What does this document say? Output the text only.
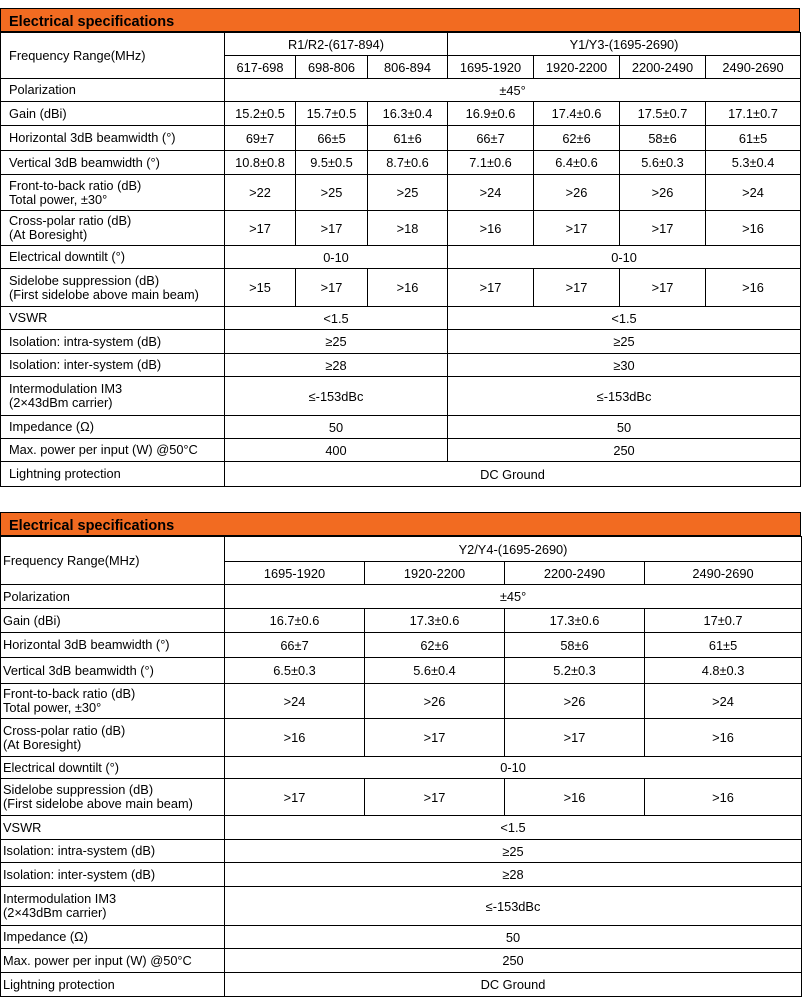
Electrical specifications
Frequency Range(MHz)	R1/R2-(617-894)			Y1/Y3-(1695-2690)			
	617-698	698-806	806-894	1695-1920	1920-2200	2200-2490	2490-2690
Polarization	±45°						
Gain (dBi)	15.2±0.5	15.7±0.5	16.3±0.4	16.9±0.6	17.4±0.6	17.5±0.7	17.1±0.7
Horizontal 3dB beamwidth (°)	69±7	66±5	61±6	66±7	62±6	58±6	61±5
Vertical 3dB beamwidth (°)	10.8±0.8	9.5±0.5	8.7±0.6	7.1±0.6	6.4±0.6	5.6±0.3	5.3±0.4
Front-to-back ratio (dB)
Total power, ±30°	>22	>25	>25	>24	>26	>26	>24
Cross-polar ratio (dB)
(At Boresight)	>17	>17	>18	>16	>17	>17	>16
Electrical downtilt (°)	0-10			0-10			
Sidelobe suppression (dB)
(First sidelobe above main beam)	>15	>17	>16	>17	>17	>17	>16
VSWR	<1.5			<1.5			
Isolation: intra-system (dB)	≥25			≥25			
Isolation: inter-system (dB)	≥28			≥30			
Intermodulation IM3
(2×43dBm carrier)	≤-153dBc			≤-153dBc			
Impedance (Ω)	50			50			
Max. power per input (W) @50°C	400			250			
Lightning protection	DC Ground						
Electrical specifications
Frequency Range(MHz)	Y2/Y4-(1695-2690)			
	1695-1920	1920-2200	2200-2490	2490-2690
Polarization	±45°			
Gain (dBi)	16.7±0.6	17.3±0.6	17.3±0.6	17±0.7
Horizontal 3dB beamwidth (°)	66±7	62±6	58±6	61±5
Vertical 3dB beamwidth (°)	6.5±0.3	5.6±0.4	5.2±0.3	4.8±0.3
Front-to-back ratio (dB)
Total power, ±30°	>24	>26	>26	>24
Cross-polar ratio (dB)
(At Boresight)	>16	>17	>17	>16
Electrical downtilt (°)	0-10			
Sidelobe suppression (dB)
(First sidelobe above main beam)	>17	>17	>16	>16
VSWR	<1.5			
Isolation: intra-system (dB)	≥25			
Isolation: inter-system (dB)	≥28			
Intermodulation IM3
(2×43dBm carrier)	≤-153dBc			
Impedance (Ω)	50			
Max. power per input (W) @50°C	250			
Lightning protection	DC Ground			
